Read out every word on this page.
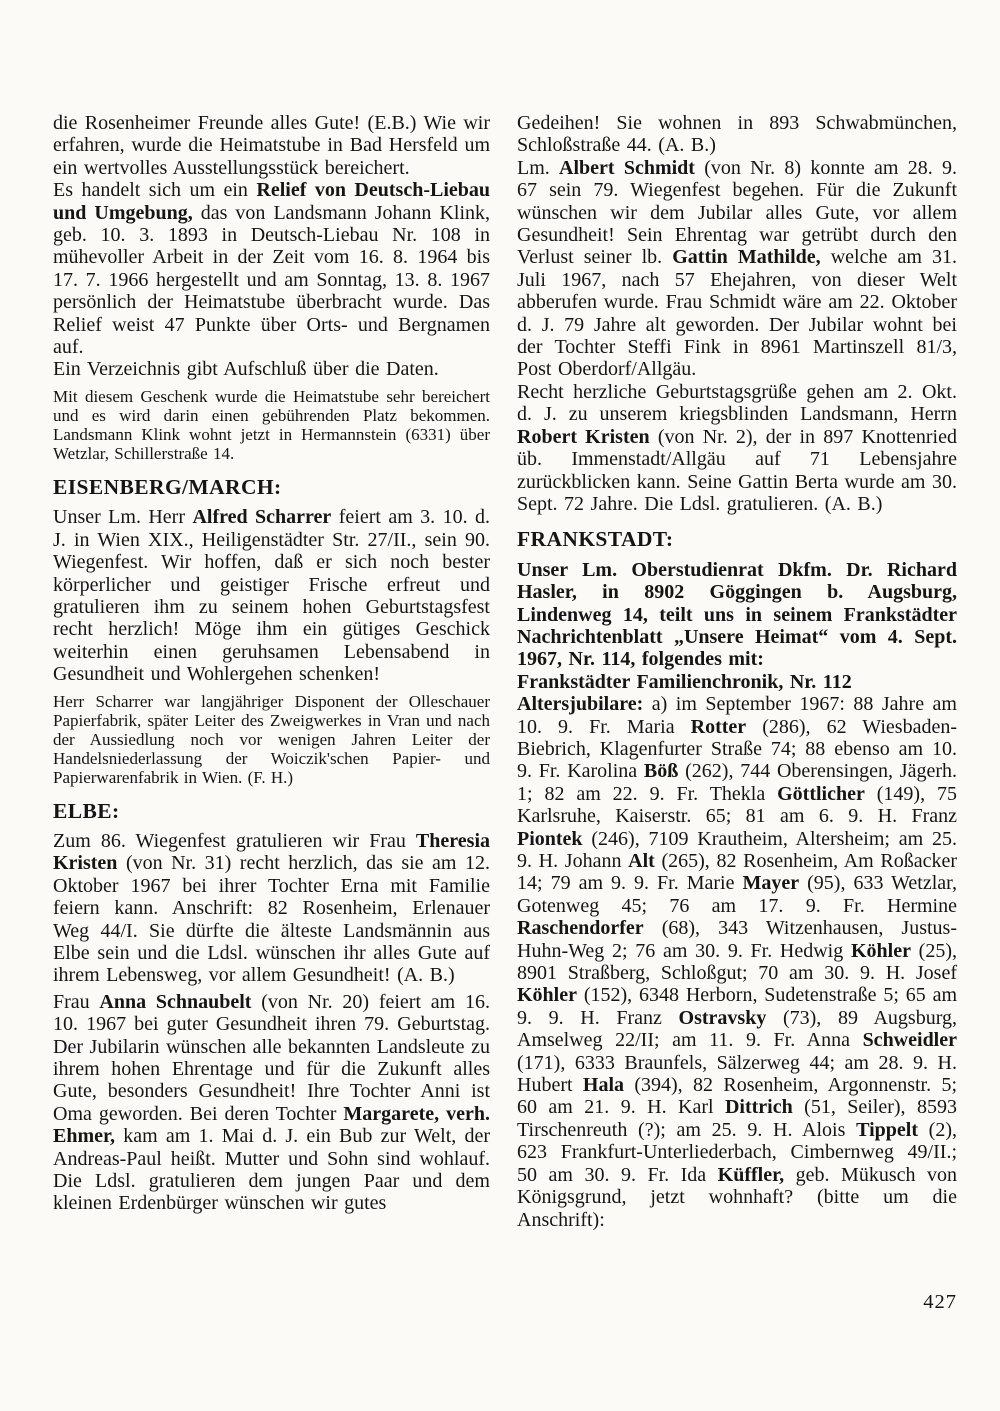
die Rosenheimer Freunde alles Gute! (E.B.) Wie wir erfahren, wurde die Heimatstube in Bad Hersfeld um ein wertvolles Ausstellungsstück bereichert.

Es handelt sich um ein Relief von Deutsch-Liebau und Umgebung, das von Landsmann Johann Klink, geb. 10. 3. 1893 in Deutsch-Liebau Nr. 108 in mühevoller Arbeit in der Zeit vom 16. 8. 1964 bis 17. 7. 1966 hergestellt und am Sonntag, 13. 8. 1967 persönlich der Heimatstube überbracht wurde. Das Relief weist 47 Punkte über Orts- und Bergnamen auf.

Ein Verzeichnis gibt Aufschluß über die Daten.

Mit diesem Geschenk wurde die Heimatstube sehr bereichert und es wird darin einen gebührenden Platz bekommen. Landsmann Klink wohnt jetzt in Hermannstein (6331) über Wetzlar, Schillerstraße 14.

EISENBERG/MARCH:

Unser Lm. Herr Alfred Scharrer feiert am 3. 10. d. J. in Wien XIX., Heiligenstädter Str. 27/II., sein 90. Wiegenfest. Wir hoffen, daß er sich noch bester körperlicher und geistiger Frische erfreut und gratulieren ihm zu seinem hohen Geburtstagsfest recht herzlich! Möge ihm ein gütiges Geschick weiterhin einen geruhsamen Lebensabend in Gesundheit und Wohlergehen schenken!

Herr Scharrer war langjähriger Disponent der Olleschauer Papierfabrik, später Leiter des Zweigwerkes in Vran und nach der Aussiedlung noch vor wenigen Jahren Leiter der Handelsniederlassung der Woiczik'schen Papier- und Papierwarenfabrik in Wien. (F. H.)

ELBE:

Zum 86. Wiegenfest gratulieren wir Frau Theresia Kristen (von Nr. 31) recht herzlich, das sie am 12. Oktober 1967 bei ihrer Tochter Erna mit Familie feiern kann. Anschrift: 82 Rosenheim, Erlenauer Weg 44/I. Sie dürfte die älteste Landsmännin aus Elbe sein und die Ldsl. wünschen ihr alles Gute auf ihrem Lebensweg, vor allem Gesundheit! (A. B.)

Frau Anna Schnaubelt (von Nr. 20) feiert am 16. 10. 1967 bei guter Gesundheit ihren 79. Geburtstag. Der Jubilarin wünschen alle bekannten Landsleute zu ihrem hohen Ehrentage und für die Zukunft alles Gute, besonders Gesundheit! Ihre Tochter Anni ist Oma geworden. Bei deren Tochter Margarete, verh. Ehmer, kam am 1. Mai d. J. ein Bub zur Welt, der Andreas-Paul heißt. Mutter und Sohn sind wohlauf. Die Ldsl. gratulieren dem jungen Paar und dem kleinen Erdenbürger wünschen wir gutes

Gedeihen! Sie wohnen in 893 Schwabmünchen, Schloßstraße 44. (A. B.)

Lm. Albert Schmidt (von Nr. 8) konnte am 28. 9. 67 sein 79. Wiegenfest begehen. Für die Zukunft wünschen wir dem Jubilar alles Gute, vor allem Gesundheit! Sein Ehrentag war getrübt durch den Verlust seiner lb. Gattin Mathilde, welche am 31. Juli 1967, nach 57 Ehejahren, von dieser Welt abberufen wurde. Frau Schmidt wäre am 22. Oktober d. J. 79 Jahre alt geworden. Der Jubilar wohnt bei der Tochter Steffi Fink in 8961 Martinszell 81/3, Post Oberdorf/Allgäu.

Recht herzliche Geburtstagsgrüße gehen am 2. Okt. d. J. zu unserem kriegsblinden Landsmann, Herrn Robert Kristen (von Nr. 2), der in 897 Knottenried üb. Immenstadt/Allgäu auf 71 Lebensjahre zurückblicken kann. Seine Gattin Berta wurde am 30. Sept. 72 Jahre. Die Ldsl. gratulieren. (A. B.)

FRANKSTADT:

Unser Lm. Oberstudienrat Dkfm. Dr. Richard Hasler, in 8902 Göggingen b. Augsburg, Lindenweg 14, teilt uns in seinem Frankstädter Nachrichtenblatt „Unsere Heimat“ vom 4. Sept. 1967, Nr. 114, folgendes mit:

Frankstädter Familienchronik, Nr. 112

Altersjubilare: a) im September 1967: 88 Jahre am 10. 9. Fr. Maria Rotter (286), 62 Wiesbaden-Biebrich, Klagenfurter Straße 74; 88 ebenso am 10. 9. Fr. Karolina Böß (262), 744 Oberensingen, Jägerh. 1; 82 am 22. 9. Fr. Thekla Göttlicher (149), 75 Karlsruhe, Kaiserstr. 65; 81 am 6. 9. H. Franz Piontek (246), 7109 Krautheim, Altersheim; am 25. 9. H. Johann Alt (265), 82 Rosenheim, Am Roßacker 14; 79 am 9. 9. Fr. Marie Mayer (95), 633 Wetzlar, Gotenweg 45; 76 am 17. 9. Fr. Hermine Raschendorfer (68), 343 Witzenhausen, Justus-Huhn-Weg 2; 76 am 30. 9. Fr. Hedwig Köhler (25), 8901 Straßberg, Schloßgut; 70 am 30. 9. H. Josef Köhler (152), 6348 Herborn, Sudetenstraße 5; 65 am 9. 9. H. Franz Ostravsky (73), 89 Augsburg, Amselweg 22/II; am 11. 9. Fr. Anna Schweidler (171), 6333 Braunfels, Sälzerweg 44; am 28. 9. H. Hubert Hala (394), 82 Rosenheim, Argonnenstr. 5; 60 am 21. 9. H. Karl Dittrich (51, Seiler), 8593 Tirschenreuth (?); am 25. 9. H. Alois Tippelt (2), 623 Frankfurt-Unterliederbach, Cimbernweg 49/II.; 50 am 30. 9. Fr. Ida Küffler, geb. Mükusch von Königsgrund, jetzt wohnhaft? (bitte um die Anschrift):

427
